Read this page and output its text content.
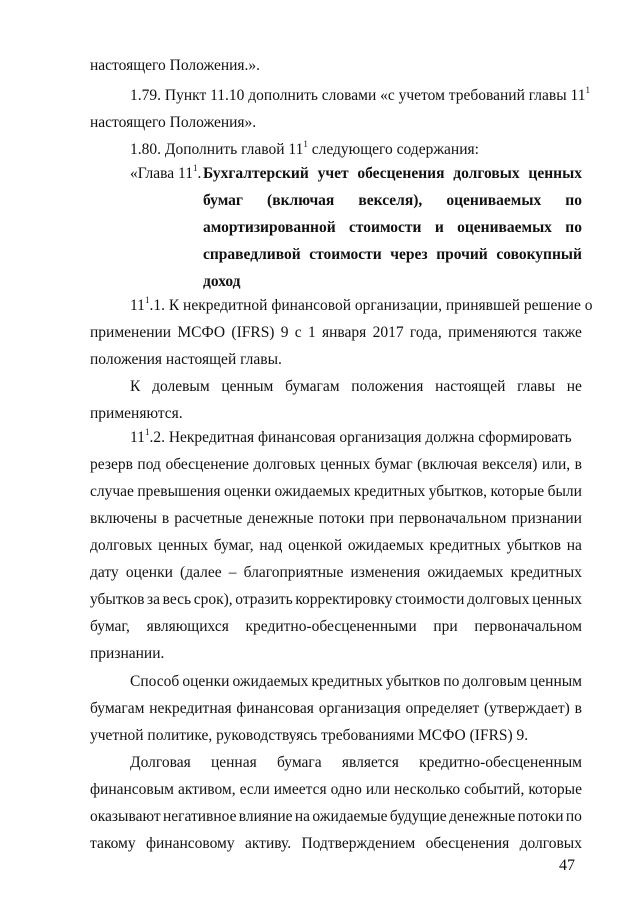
настоящего Положения.».
1.79. Пункт 11.10 дополнить словами «с учетом требований главы $11^1$
настоящего Положения».
1.80. Дополнить главой $11^1$ следующего содержания:
«Глава $11^1$. Бухгалтерский учет обесценения долговых ценных
бумаг (включая векселя), оцениваемых по
амортизированной стоимости и оцениваемых по
справедливой стоимости через прочий совокупный
доход
$11^1.1$. К некредитной финансовой организации, принявшей решение о
применении МСФО (IFRS) 9 с 1 января 2017 года, применяются также
положения настоящей главы.
К долевым ценным бумагам положения настоящей главы не
применяются.
$11^1.2$. Некредитная финансовая организация должна сформировать
резерв под обесценение долговых ценных бумаг (включая векселя) или, в
случае превышения оценки ожидаемых кредитных убытков, которые были
включены в расчетные денежные потоки при первоначальном признании
долговых ценных бумаг, над оценкой ожидаемых кредитных убытков на
дату оценки (далее – благоприятные изменения ожидаемых кредитных
убытков за весь срок), отразить корректировку стоимости долговых ценных
бумаг, являющихся кредитно-обесцененными при первоначальном
признании.
Способ оценки ожидаемых кредитных убытков по долговым ценным
бумагам некредитная финансовая организация определяет (утверждает) в
учетной политике, руководствуясь требованиями МСФО (IFRS) 9.
Долговая ценная бумага является кредитно-обесцененным
финансовым активом, если имеется одно или несколько событий, которые
оказывают негативное влияние на ожидаемые будущие денежные потоки по
такому финансовому активу. Подтверждением обесценения долговых
47
